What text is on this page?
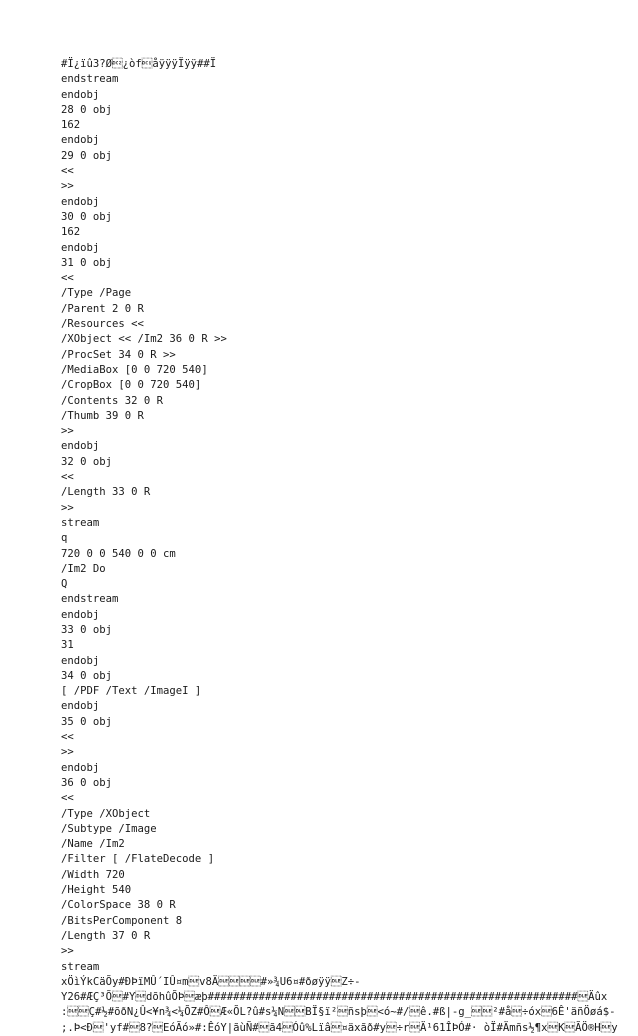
#Ï¿ïû3?Ø¿òfåÿÿÿÏÿÿ##Ï
endstream
endobj
28 0 obj
162
endobj
29 0 obj
<<
>>
endobj
30 0 obj
162
endobj
31 0 obj
<<
/Type /Page
/Parent 2 0 R
/Resources <<
/XObject << /Im2 36 0 R >>
/ProcSet 34 0 R >>
/MediaBox [0 0 720 540]
/CropBox [0 0 720 540]
/Contents 32 0 R
/Thumb 39 0 R
>>
endobj
32 0 obj
<<
/Length 33 0 R
>>
stream
q
720 0 0 540 0 0 cm
/Im2 Do
Q
endstream
endobj
33 0 obj
31
endobj
34 0 obj
[ /PDF /Text /ImageI ]
endobj
35 0 obj
<<
>>
endobj
36 0 obj
<<
/Type /XObject
/Subtype /Image
/Name /Im2
/Filter [ /FlateDecode ]
/Width 720
/Height 540
/ColorSpace 38 0 R
/BitsPerComponent 8
/Length 37 0 R
>>
stream
xÖìÝkCäÕy#ÐÞïMÛ´IÛ¤mv8Ä#»¾U6¤#ðøÿÿZ÷-
Y26#ÆÇ³Õ#YdõhûÕÞæþ##########################################################Äûx
:Ç#½#õðN¿Û<¥n¾<¼ÕZ#ÔÆ«ÕL?û#s¼NBÏ§ï²ñsþ<ó~#/ê.#ß|-g_²#å÷óx6Ê'äñÖøá$-
;.Þ<Ð'yf#8?EóÃó»#:ÊóY|ãùÑ#ã4Óû%Lïâ¤äxãð#y÷rÄ¹61ÎÞÓ#· òÏ#Ämñs½¶xKÃÖ®Hy
